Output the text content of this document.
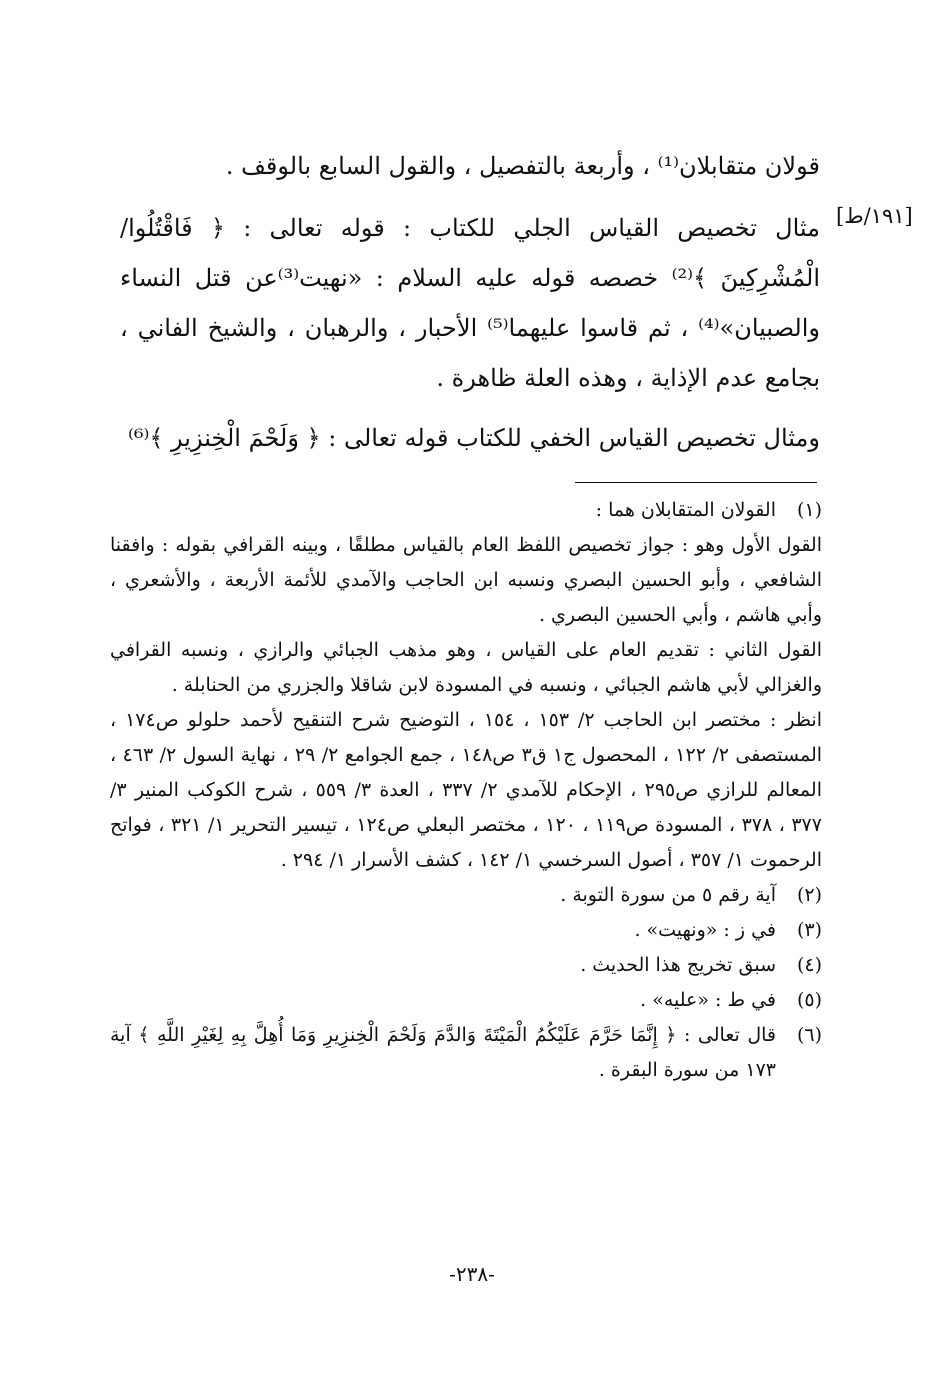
[١٩١/ط]

قولان متقابلان⁽¹⁾ ، وأربعة بالتفصيل ، والقول السابع بالوقف .

مثال تخصيص القياس الجلي للكتاب : قوله تعالى : ﴿ فَاقْتُلُوا/ الْمُشْرِكِينَ ﴾⁽²⁾ خصصه قوله عليه السلام : «نهيت⁽³⁾عن قتل النساء والصبيان»⁽⁴⁾ ، ثم قاسوا عليهما⁽⁵⁾ الأحبار ، والرهبان ، والشيخ الفاني ، بجامع عدم الإذاية ، وهذه العلة ظاهرة .

ومثال تخصيص القياس الخفي للكتاب قوله تعالى : ﴿ وَلَحْمَ الْخِنزِيرِ ﴾⁽⁶⁾

(١)

القولان المتقابلان هما :

القول الأول وهو : جواز تخصيص اللفظ العام بالقياس مطلقًا ، وبينه القرافي بقوله : وافقنا الشافعي ، وأبو الحسين البصري ونسبه ابن الحاجب والآمدي للأئمة الأربعة ، والأشعري ، وأبي هاشم ، وأبي الحسين البصري .

القول الثاني : تقديم العام على القياس ، وهو مذهب الجبائي والرازي ، ونسبه القرافي والغزالي لأبي هاشم الجبائي ، ونسبه في المسودة لابن شاقلا والجزري من الحنابلة .

انظر : مختصر ابن الحاجب ٢/ ١٥٣ ، ١٥٤ ، التوضيح شرح التنقيح لأحمد حلولو ص١٧٤ ، المستصفى ٢/ ١٢٢ ، المحصول ج١ ق٣ ص١٤٨ ، جمع الجوامع ٢/ ٢٩ ، نهاية السول ٢/ ٤٦٣ ، المعالم للرازي ص٢٩٥ ، الإحكام للآمدي ٢/ ٣٣٧ ، العدة ٣/ ٥٥٩ ، شرح الكوكب المنير ٣/ ٣٧٧ ، ٣٧٨ ، المسودة ص١١٩ ، ١٢٠ ، مختصر البعلي ص١٢٤ ، تيسير التحرير ١/ ٣٢١ ، فواتح الرحموت ١/ ٣٥٧ ، أصول السرخسي ١/ ١٤٢ ، كشف الأسرار ١/ ٢٩٤ .

(٢)
آية رقم ٥ من سورة التوبة .
(٣)
في ز : «ونهيت» .
(٤)
سبق تخريج هذا الحديث .
(٥)
في ط : «عليه» .
(٦)
قال تعالى : ﴿ إِنَّمَا حَرَّمَ عَلَيْكُمُ الْمَيْتَةَ وَالدَّمَ وَلَحْمَ الْخِنزِيرِ وَمَا أُهِلَّ بِهِ لِغَيْرِ اللَّهِ ﴾ آية ١٧٣ من سورة البقرة .
-٢٣٨-
